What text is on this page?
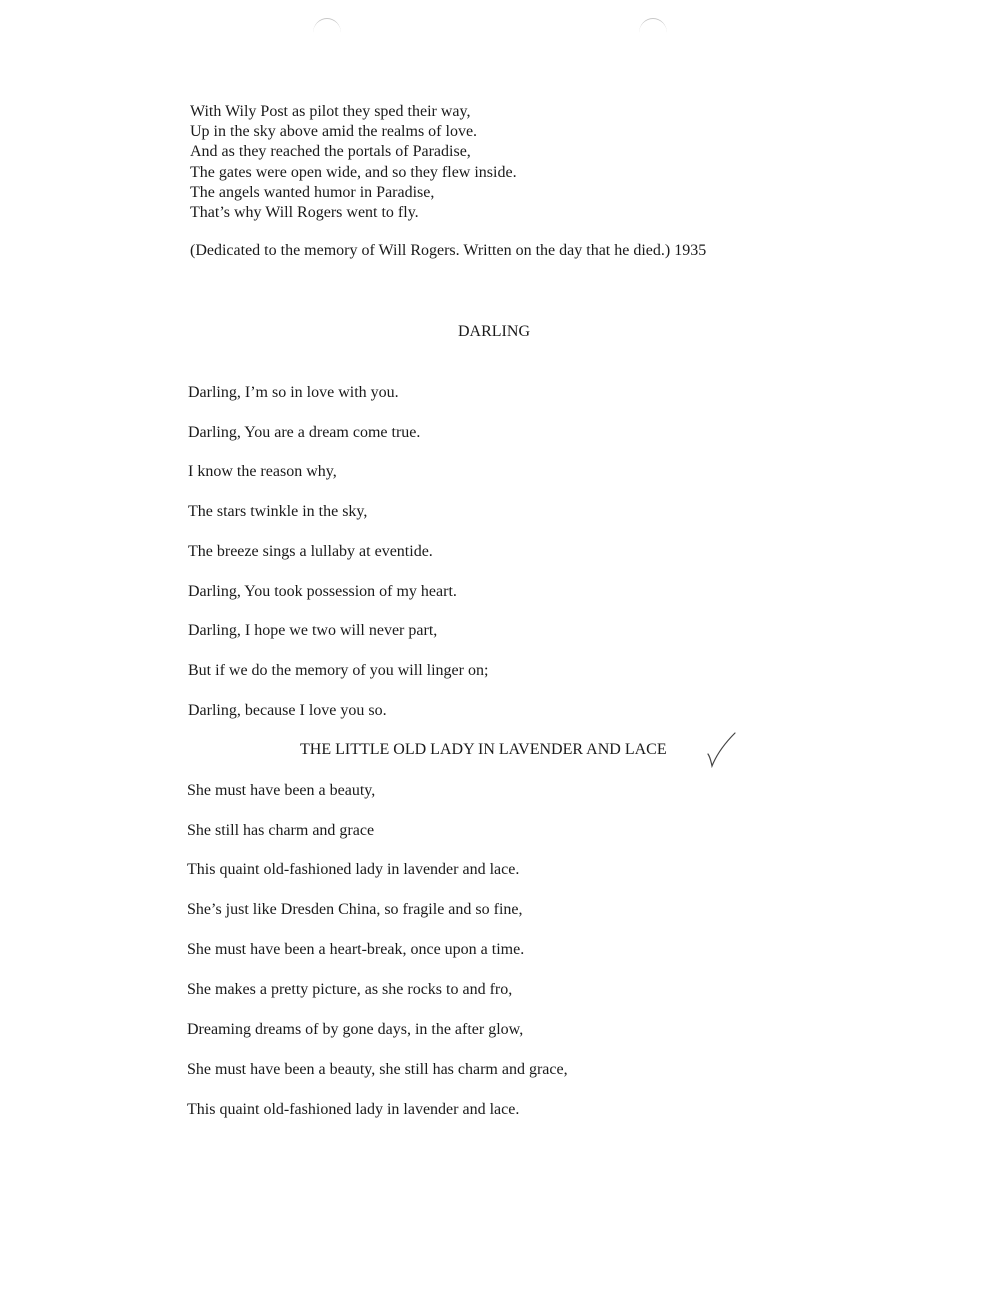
With Wily Post as pilot they sped their way,
Up in the sky above amid the realms of love.
And as they reached the portals of Paradise,
The gates were open wide, and so they flew inside.
The angels wanted humor in Paradise,
That’s why Will Rogers went to fly.
(Dedicated to the memory of Will Rogers. Written on the day that he died.) 1935
DARLING
Darling, I’m so in love with you.
Darling, You are a dream come true.
I know the reason why,
The stars twinkle in the sky,
The breeze sings a lullaby at eventide.
Darling, You took possession of my heart.
Darling, I hope we two will never part,
But if we do the memory of you will linger on;
Darling, because I love you so.
THE LITTLE OLD LADY IN LAVENDER AND LACE
She must have been a beauty,
She still has charm and grace
This quaint old-fashioned lady in lavender and lace.
She’s just like Dresden China, so fragile and so fine,
She must have been a heart-break, once upon a time.
She makes a pretty picture, as she rocks to and fro,
Dreaming dreams of by gone days, in the after glow,
She must have been a beauty, she still has charm and grace,
This quaint old-fashioned lady in lavender and lace.
